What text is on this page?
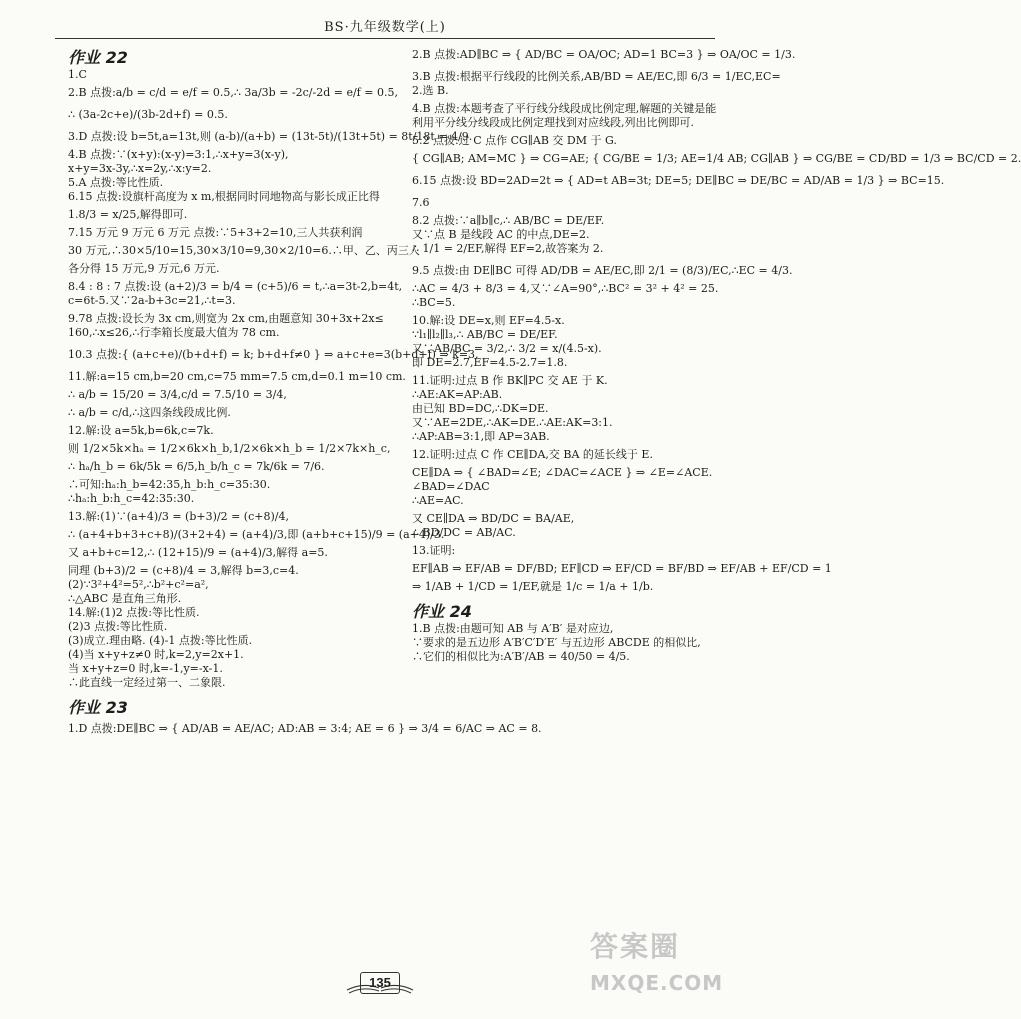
BS·九年级数学(上)
作业 22
1.C
2.B 点拨:a/b = c/d = e/f = 0.5,∴ 3a/3b = -2c/-2d = e/f = 0.5,
∴ (3a-2c+e)/(3b-2d+f) = 0.5.
3.D 点拨:设 b=5t,a=13t,则 (a-b)/(a+b) = (13t-5t)/(13t+5t) = 8t/18t = 4/9.
4.B 点拨:∵(x+y):(x-y)=3:1,∴x+y=3(x-y),
x+y=3x-3y,∴x=2y,∴x:y=2.
5.A 点拨:等比性质.
6.15 点拨:设旗杆高度为 x m,根据同时同地物高与影长成正比得
1.8/3 = x/25,解得即可.
7.15 万元 9 万元 6 万元 点拨:∵5+3+2=10,三人共获利润
30 万元,∴30×5/10=15,30×3/10=9,30×2/10=6.∴甲、乙、丙三人
各分得 15 万元,9 万元,6 万元.
8.4 : 8 : 7 点拨:设 (a+2)/3 = b/4 = (c+5)/6 = t,∴a=3t-2,b=4t,
c=6t-5.又∵2a-b+3c=21,∴t=3.
9.78 点拨:设长为 3x cm,则宽为 2x cm,由题意知 30+3x+2x≤
160,∴x≤26,∴行李箱长度最大值为 78 cm.
10.3 点拨:{ (a+c+e)/(b+d+f) = k; b+d+f≠0 } ⇒ a+c+e=3(b+d+f) ⇒ k=3.
11.解:a=15 cm,b=20 cm,c=75 mm=7.5 cm,d=0.1 m=10 cm.
∴ a/b = 15/20 = 3/4,c/d = 7.5/10 = 3/4,
∴ a/b = c/d,∴这四条线段成比例.
12.解:设 a=5k,b=6k,c=7k.
则 1/2×5k×hₐ = 1/2×6k×h_b,1/2×6k×h_b = 1/2×7k×h_c,
∴ hₐ/h_b = 6k/5k = 6/5,h_b/h_c = 7k/6k = 7/6.
∴可知:hₐ:h_b=42:35,h_b:h_c=35:30.
∴hₐ:h_b:h_c=42:35:30.
13.解:(1)∵(a+4)/3 = (b+3)/2 = (c+8)/4,
∴ (a+4+b+3+c+8)/(3+2+4) = (a+4)/3,即 (a+b+c+15)/9 = (a+4)/3.
又 a+b+c=12,∴ (12+15)/9 = (a+4)/3,解得 a=5.
同理 (b+3)/2 = (c+8)/4 = 3,解得 b=3,c=4.
(2)∵3²+4²=5²,∴b²+c²=a²,
∴△ABC 是直角三角形.
14.解:(1)2 点拨:等比性质.
(2)3 点拨:等比性质.
(3)成立.理由略. (4)-1 点拨:等比性质.
(4)当 x+y+z≠0 时,k=2,y=2x+1.
当 x+y+z=0 时,k=-1,y=-x-1.
∴此直线一定经过第一、二象限.
作业 23
1.D 点拨:DE∥BC ⇒ { AD/AB = AE/AC; AD:AB = 3:4; AE = 6 } ⇒ 3/4 = 6/AC ⇒ AC = 8.
2.B 点拨:AD∥BC ⇒ { AD/BC = OA/OC; AD=1 BC=3 } ⇒ OA/OC = 1/3.
3.B 点拨:根据平行线段的比例关系,AB/BD = AE/EC,即 6/3 = 1/EC,EC=
2.选 B.
4.B 点拨:本题考查了平行线分线段成比例定理,解题的关键是能
利用平分线分线段成比例定理找到对应线段,列出比例即可.
5.2 点拨:过 C 点作 CG∥AB 交 DM 于 G.
{ CG∥AB; AM=MC } ⇒ CG=AE; { CG/BE = 1/3; AE=1/4 AB; CG∥AB } ⇒ CG/BE = CD/BD = 1/3 ⇒ BC/CD = 2.
6.15 点拨:设 BD=2AD=2t ⇒ { AD=t AB=3t; DE=5; DE∥BC ⇒ DE/BC = AD/AB = 1/3 } ⇒ BC=15.
7.6
8.2 点拨:∵a∥b∥c,∴ AB/BC = DE/EF.
又∵点 B 是线段 AC 的中点,DE=2.
∴ 1/1 = 2/EF,解得 EF=2,故答案为 2.
9.5 点拨:由 DE∥BC 可得 AD/DB = AE/EC,即 2/1 = (8/3)/EC,∴EC = 4/3.
∴AC = 4/3 + 8/3 = 4,又∵∠A=90°,∴BC² = 3² + 4² = 25.
∴BC=5.
10.解:设 DE=x,则 EF=4.5-x.
∵l₁∥l₂∥l₃,∴ AB/BC = DE/EF.
又∵AB/BC = 3/2,∴ 3/2 = x/(4.5-x).
即 DE=2.7,EF=4.5-2.7=1.8.
11.证明:过点 B 作 BK∥PC 交 AE 于 K.
∴AE:AK=AP:AB.
由已知 BD=DC,∴DK=DE.
又∵AE=2DE,∴AK=DE.∴AE:AK=3:1.
∴AP:AB=3:1,即 AP=3AB.
12.证明:过点 C 作 CE∥DA,交 BA 的延长线于 E.
CE∥DA ⇒ { ∠BAD=∠E; ∠DAC=∠ACE } ⇒ ∠E=∠ACE.
∠BAD=∠DAC
∴AE=AC.
又 CE∥DA ⇒ BD/DC = BA/AE,
∴ BD/DC = AB/AC.
13.证明:
EF∥AB ⇒ EF/AB = DF/BD; EF∥CD ⇒ EF/CD = BF/BD ⇒ EF/AB + EF/CD = 1
⇒ 1/AB + 1/CD = 1/EF,就是 1/c = 1/a + 1/b.
作业 24
1.B 点拨:由题可知 AB 与 A′B′ 是对应边,
∵要求的是五边形 A′B′C′D′E′ 与五边形 ABCDE 的相似比,
∴它们的相似比为:A′B′/AB = 40/50 = 4/5.
135
答案圈
MXQE.COM
